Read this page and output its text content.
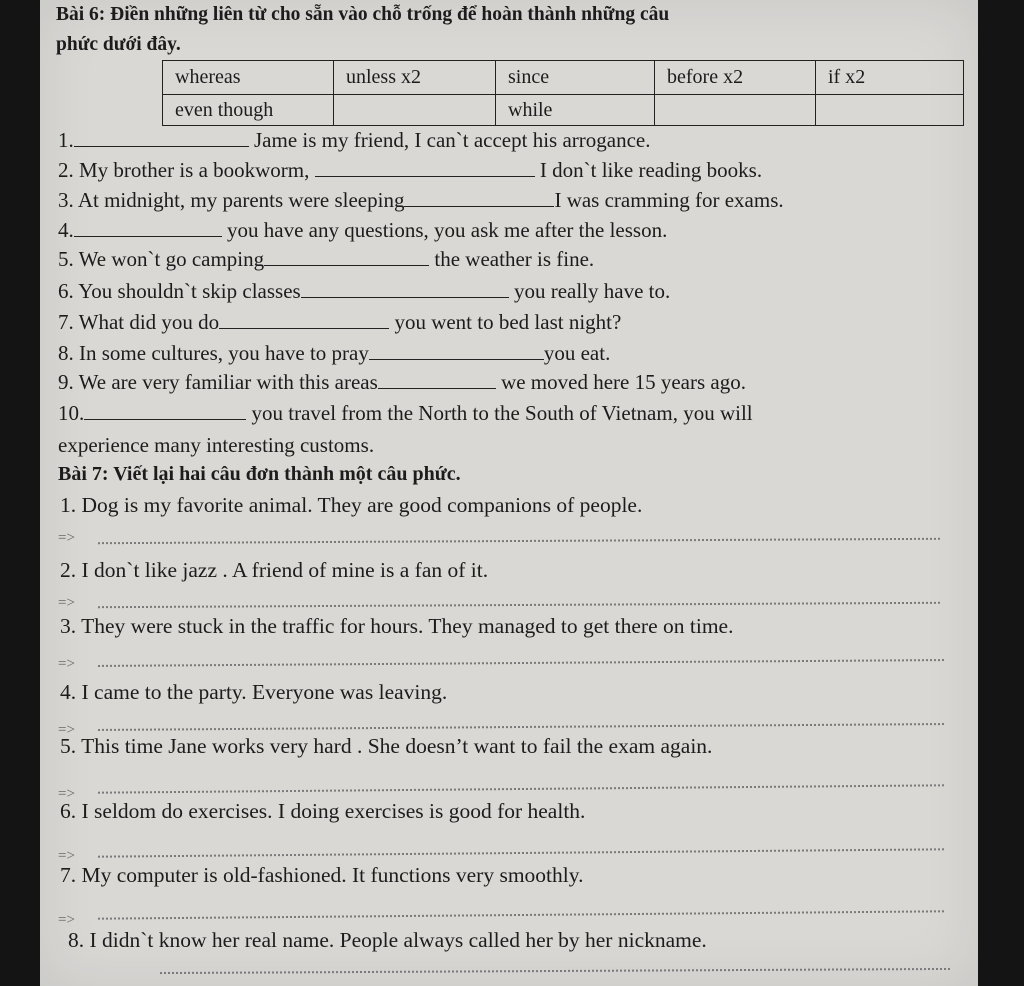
Bài 6: Điền những liên từ cho sẵn vào chỗ trống để hoàn thành những câu
phức dưới đây.
whereas	unless x2	since	before x2	if x2
even though		while		
1.	Jame is my friend, I can`t accept his arrogance.
2. My brother is a bookworm,	I don`t like reading books.
3. At midnight, my parents were sleeping	I was cramming for exams.
4.	you have any questions, you ask me after the lesson.
5. We won`t go camping	the weather is fine.
6. You shouldn`t skip classes	you really have to.
7. What did you do	you went to bed last night?
8. In some cultures, you have to pray	you eat.
9. We are very familiar with this areas	we moved here 15 years ago.
10.	you travel from the North to the South of Vietnam, you will
experience many interesting customs.
Bài 7: Viết lại hai câu đơn thành một câu phức.
1. Dog is my favorite animal. They are good companions of people.
=>
2. I don`t like jazz . A friend of mine is a fan of it.
=>
3. They were stuck in the traffic for hours. They managed to get there on time.
=>
4. I came to the party. Everyone was leaving.
=>
5. This time Jane works very hard . She doesn’t want to fail the exam again.
=>
6. I seldom do exercises. I doing exercises is good for health.
=>
7. My computer is old-fashioned. It functions very smoothly.
=>
8. I didn`t know her real name. People always called her by her nickname.
